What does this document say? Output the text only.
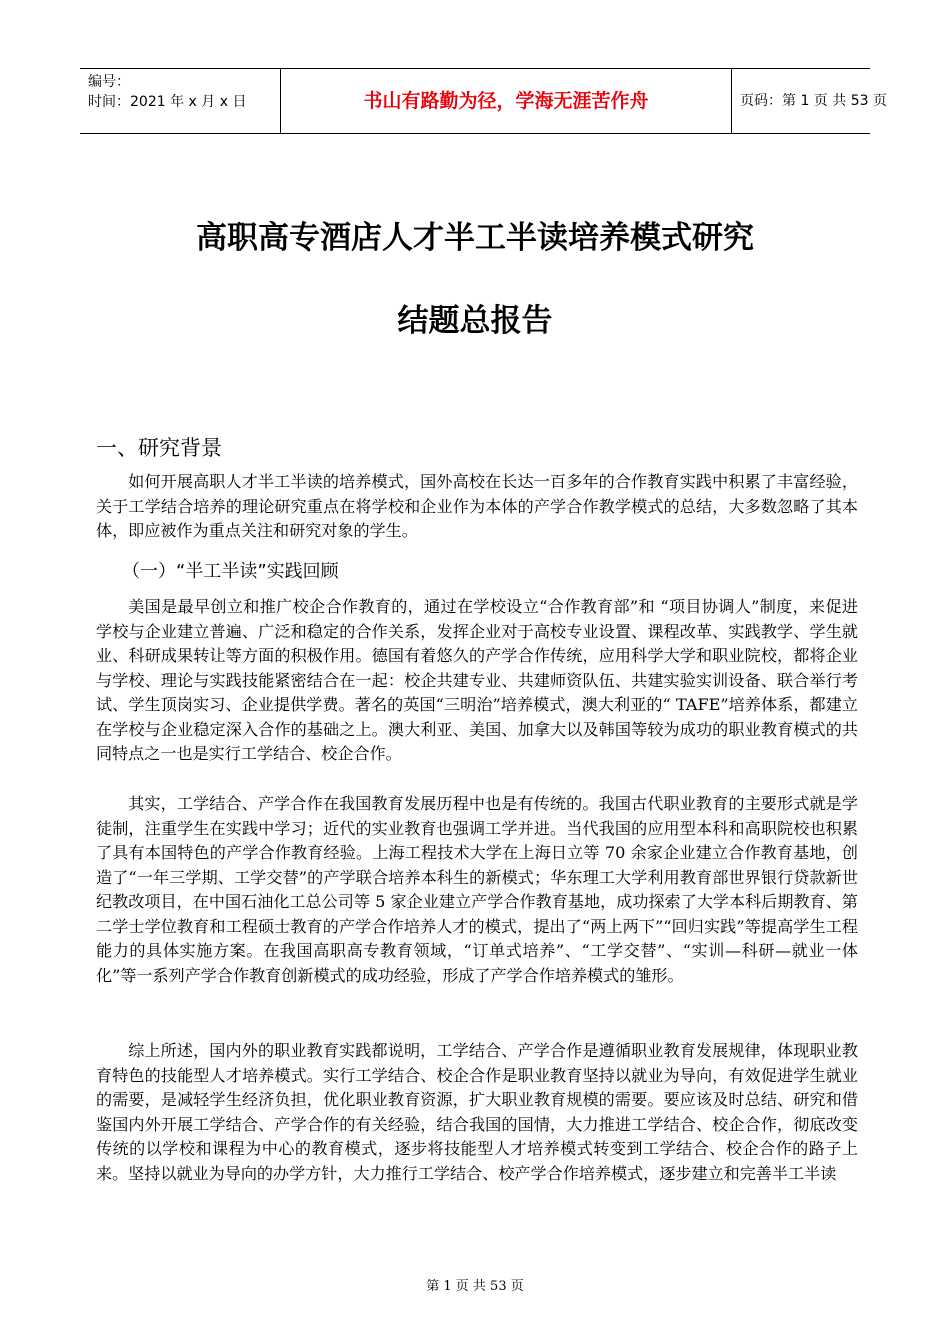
编号：
时间：2021 年 x 月 x 日	书山有路勤为径，学海无涯苦作舟	页码：第 1 页 共 53 页
高职高专酒店人才半工半读培养模式研究
结题总报告
一、研究背景

如何开展高职人才半工半读的培养模式，国外高校在长达一百多年的合作教育实践中积累了丰富经验，关于工学结合培养的理论研究重点在将学校和企业作为本体的产学合作教学模式的总结，大多数忽略了其本体，即应被作为重点关注和研究对象的学生。

（一）“半工半读”实践回顾

美国是最早创立和推广校企合作教育的，通过在学校设立“合作教育部”和 “项目协调人”制度，来促进学校与企业建立普遍、广泛和稳定的合作关系，发挥企业对于高校专业设置、课程改革、实践教学、学生就业、科研成果转让等方面的积极作用。德国有着悠久的产学合作传统，应用科学大学和职业院校，都将企业与学校、理论与实践技能紧密结合在一起：校企共建专业、共建师资队伍、共建实验实训设备、联合举行考试、学生顶岗实习、企业提供学费。著名的英国“三明治”培养模式，澳大利亚的“ TAFE”培养体系，都建立在学校与企业稳定深入合作的基础之上。澳大利亚、美国、加拿大以及韩国等较为成功的职业教育模式的共同特点之一也是实行工学结合、校企合作。

其实，工学结合、产学合作在我国教育发展历程中也是有传统的。我国古代职业教育的主要形式就是学徒制，注重学生在实践中学习；近代的实业教育也强调工学并进。当代我国的应用型本科和高职院校也积累了具有本国特色的产学合作教育经验。上海工程技术大学在上海日立等 70 余家企业建立合作教育基地，创造了“一年三学期、工学交替”的产学联合培养本科生的新模式；华东理工大学利用教育部世界银行贷款新世纪教改项目，在中国石油化工总公司等 5 家企业建立产学合作教育基地，成功探索了大学本科后期教育、第二学士学位教育和工程硕士教育的产学合作培养人才的模式，提出了“两上两下”“回归实践”等提高学生工程能力的具体实施方案。在我国高职高专教育领域，“订单式培养”、“工学交替”、“实训—科研—就业一体化”等一系列产学合作教育创新模式的成功经验，形成了产学合作培养模式的雏形。

综上所述，国内外的职业教育实践都说明，工学结合、产学合作是遵循职业教育发展规律，体现职业教育特色的技能型人才培养模式。实行工学结合、校企合作是职业教育坚持以就业为导向，有效促进学生就业的需要，是减轻学生经济负担，优化职业教育资源，扩大职业教育规模的需要。要应该及时总结、研究和借鉴国内外开展工学结合、产学合作的有关经验，结合我国的国情，大力推进工学结合、校企合作，彻底改变传统的以学校和课程为中心的教育模式，逐步将技能型人才培养模式转变到工学结合、校企合作的路子上来。坚持以就业为导向的办学方针，大力推行工学结合、校产学合作培养模式，逐步建立和完善半工半读

第 1 页 共 53 页
